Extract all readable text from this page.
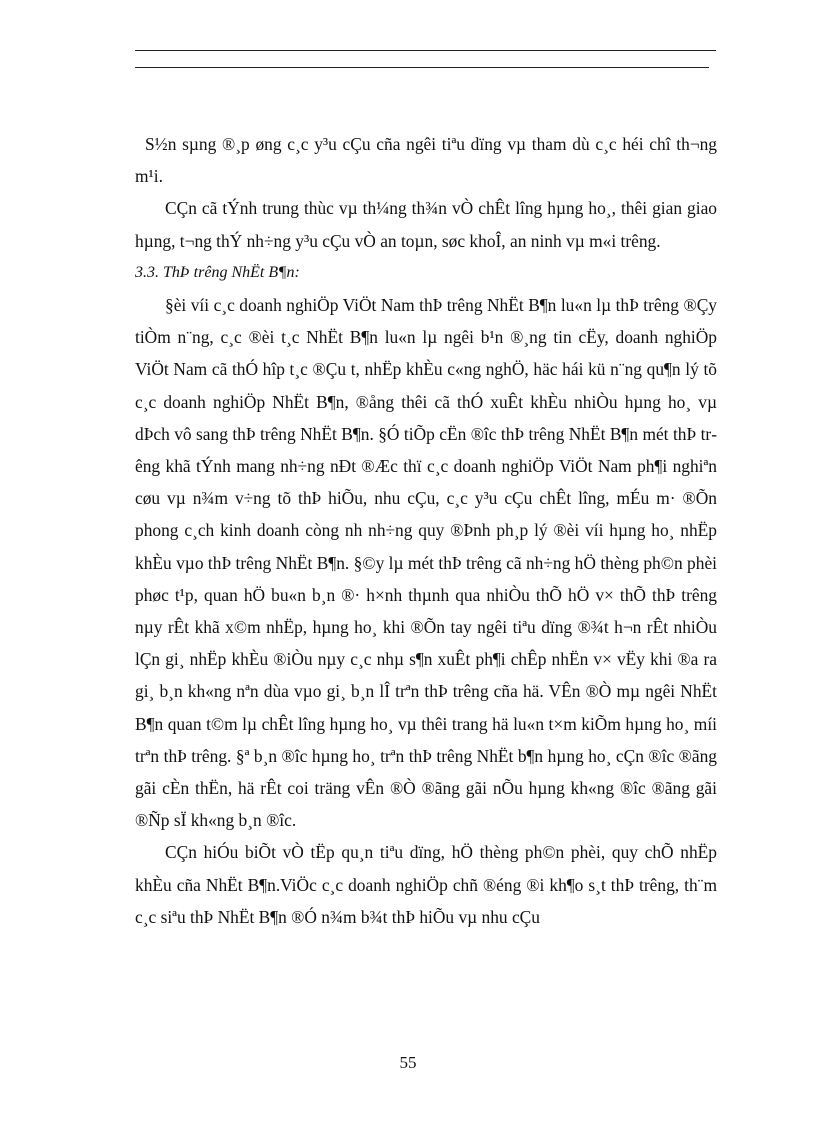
S½n sµng ®¸p øng c¸c y³u cÇu cña ngêi tiªu dïng vµ tham dù c¸c héi chî th¬ng m¹i.

CÇn cã tÝnh trung thùc vµ th¼ng th¾n vÒ chÊt lîng hµng ho¸, thêi gian giao hµng, t¬ng thÝ nh÷ng y³u cÇu vÒ an toµn, søc khoÎ, an ninh vµ m«i trêng.

3.3. ThÞ trêng NhËt B¶n:

§èi víi c¸c doanh nghiÖp ViÖt Nam thÞ trêng NhËt B¶n lu«n lµ thÞ trêng ®Çy tiÒm n¨ng, c¸c ®èi t¸c NhËt B¶n lu«n lµ ngêi b¹n ®¸ng tin cËy, doanh nghiÖp ViÖt Nam cã thÓ hîp t¸c ®Çu t, nhËp khÈu c«ng nghÖ, häc hái kü n¨ng qu¶n lý tõ c¸c doanh nghiÖp NhËt B¶n, ®ång thêi cã thÓ xuÊt khÈu nhiÒu hµng ho¸ vµ dÞch vô sang thÞ trêng NhËt B¶n. §Ó tiÕp cËn ®îc thÞ trêng NhËt B¶n mét thÞ trêng khã tÝnh mang nh÷ng nÐt ®Æc thï c¸c doanh nghiÖp ViÖt Nam ph¶i nghiªn cøu vµ n¾m v÷ng tõ thÞ hiÕu, nhu cÇu, c¸c y³u cÇu chÊt lîng, mÉu m· ®Õn phong c¸ch kinh doanh còng nh nh÷ng quy ®Þnh ph¸p lý ®èi víi hµng ho¸ nhËp khÈu vµo thÞ trêng NhËt B¶n. §©y lµ mét thÞ trêng cã nh÷ng hÖ thèng ph©n phèi phøc t¹p, quan hÖ bu«n b¸n ®· h×nh thµnh qua nhiÒu thÕ hÖ v× thÕ thÞ trêng nµy rÊt khã x©m nhËp, hµng ho¸ khi ®Õn tay ngêi tiªu dïng ®¾t h¬n rÊt nhiÒu lÇn gi¸ nhËp khÈu ®iÒu nµy c¸c nhµ s¶n xuÊt ph¶i chÊp nhËn v× vËy khi ®a ra gi¸ b¸n kh«ng nªn dùa vµo gi¸ b¸n lÎ trªn thÞ trêng cña hä. VÊn ®Ò mµ ngêi NhËt B¶n quan t©m lµ chÊt lîng hµng ho¸ vµ thêi trang hä lu«n t×m kiÕm hµng ho¸ míi trªn thÞ trêng. §ª b¸n ®îc hµng ho¸ trªn thÞ trêng NhËt b¶n hµng ho¸ cÇn ®îc ®ãng gãi cÈn thËn, hä rÊt coi träng vÊn ®Ò ®ãng gãi nÕu hµng kh«ng ®îc ®ãng gãi ®Ñp sÏ kh«ng b¸n ®îc.

CÇn hiÓu biÕt vÒ tËp qu¸n tiªu dïng, hÖ thèng ph©n phèi, quy chÕ nhËp khÈu cña NhËt B¶n.ViÖc c¸c doanh nghiÖp chñ ®éng ®i kh¶o s¸t thÞ trêng, th¨m c¸c siªu thÞ NhËt B¶n ®Ó n¾m b¾t thÞ hiÕu vµ nhu cÇu

55
